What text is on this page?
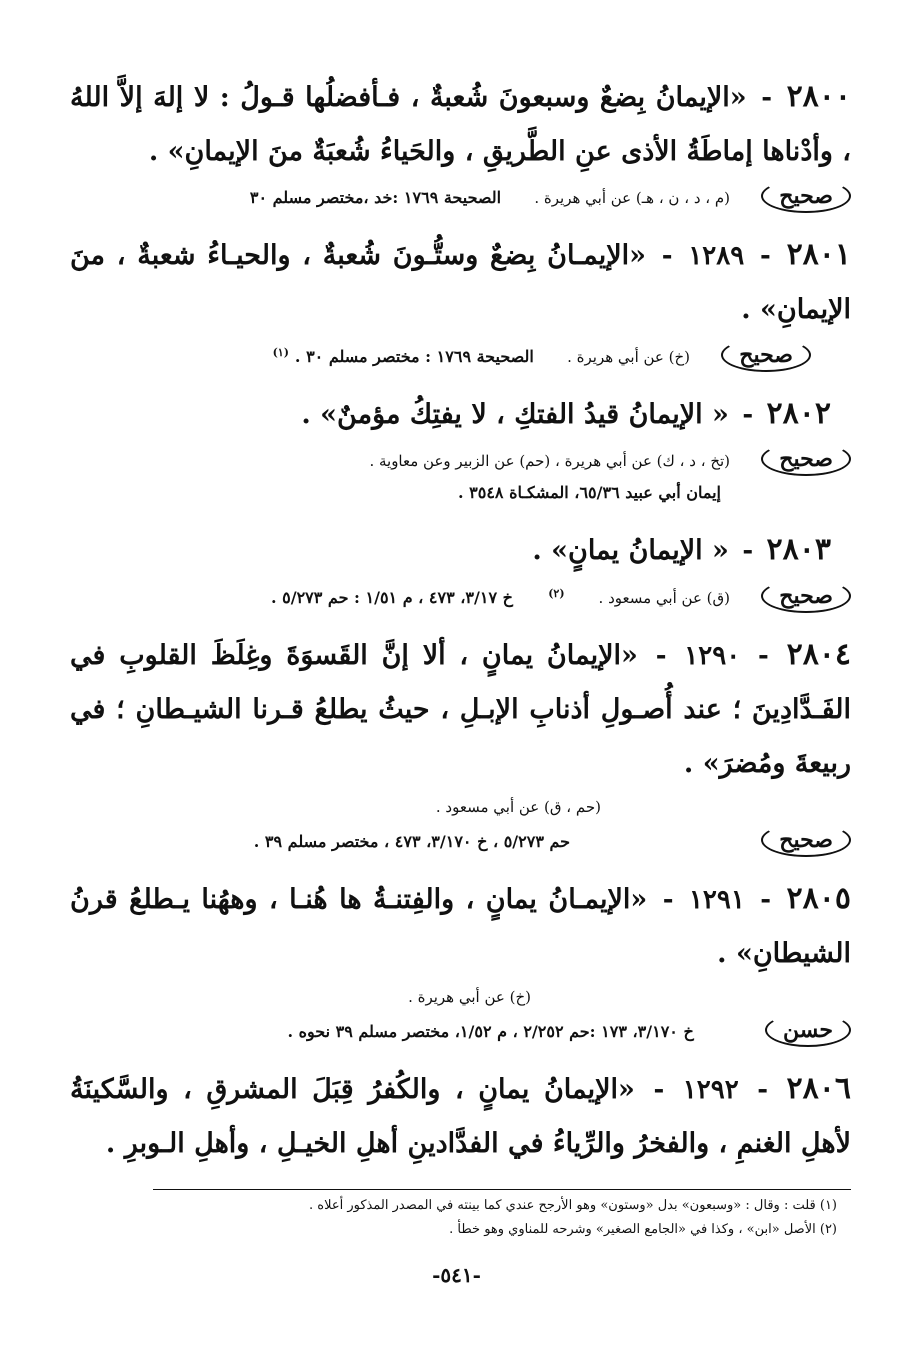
٢٨٠٠ - «الإيمانُ بِضعٌ وسبعونَ شُعبةٌ ، فـأفضلُها قـولُ : لا إلهَ إلاَّ اللهُ ، وأدْناها إماطَةُ الأذى عنِ الطَّريقِ ، والحَياءُ شُعبَةٌ منَ الإيمانِ» .
صحيح (م ، د ، ن ، هـ) عن أبي هريرة . الصحيحة ١٧٦٩ :خد ،مختصر مسلم ٣٠
٢٨٠١ - ١٢٨٩ - «الإيمـانُ بِضعٌ وستُّـونَ شُعبةٌ ، والحيـاءُ شعبةٌ ، منَ الإيمانِ» .
صحيح (خ) عن أبي هريرة . الصحيحة ١٧٦٩ : مختصر مسلم ٣٠ .$^{(١)}$
٢٨٠٢ - « الإيمانُ قيدُ الفتكِ ، لا يفتِكُ مؤمنٌ» .
صحيح (تخ ، د ، ك) عن أبي هريرة ، (حم) عن الزبير وعن معاوية .
إيمان أبي عبيد ٦٥/٣٦، المشكـاة ٣٥٤٨ .
٢٨٠٣ - « الإيمانُ يمانٍ» .
صحيح (ق) عن أبي مسعود .$^{(٢)}$ خ ٣/١٧، ٤٧٣ ، م ١/٥١ : حم ٥/٢٧٣ .
٢٨٠٤ - ١٢٩٠ - «الإيمانُ يمانٍ ، ألا إنَّ القَسوَةَ وغِلَظَ القلوبِ في الفَـدَّادِينَ ؛ عند أُصـولِ أذنابِ الإبـلِ ، حيثُ يطلعُ قـرنا الشيـطانِ ؛ في ربيعةَ ومُضرَ» .
(حم ، ق) عن أبي مسعود .
صحيح حم ٥/٢٧٣ ، خ ٣/١٧٠، ٤٧٣ ، مختصر مسلم ٣٩ .
٢٨٠٥ - ١٢٩١ - «الإيمـانُ يمانٍ ، والفِتنـةُ ها هُنـا ، وههُنا يـطلعُ قرنُ الشيطانِ» .
(خ) عن أبي هريرة .
حسن خ ٣/١٧٠، ١٧٣ :حم ٢/٢٥٢ ، م ١/٥٢، مختصر مسلم ٣٩ نحوه .
٢٨٠٦ - ١٢٩٢ - «الإيمانُ يمانٍ ، والكُفرُ قِبَلَ المشرقِ ، والسَّكينَةُ لأهلِ الغنمِ ، والفخرُ والرِّياءُ في الفدَّادينِ أهلِ الخيـلِ ، وأهلِ الـوبرِ .
(١) قلت : وقال : «وسبعون» بدل «وستون» وهو الأرجح عندي كما بينته في المصدر المذكور أعلاه .
(٢) الأصل «ابن» ، وكذا في «الجامع الصغير» وشرحه للمناوي وهو خطأ .
-٥٤١-
